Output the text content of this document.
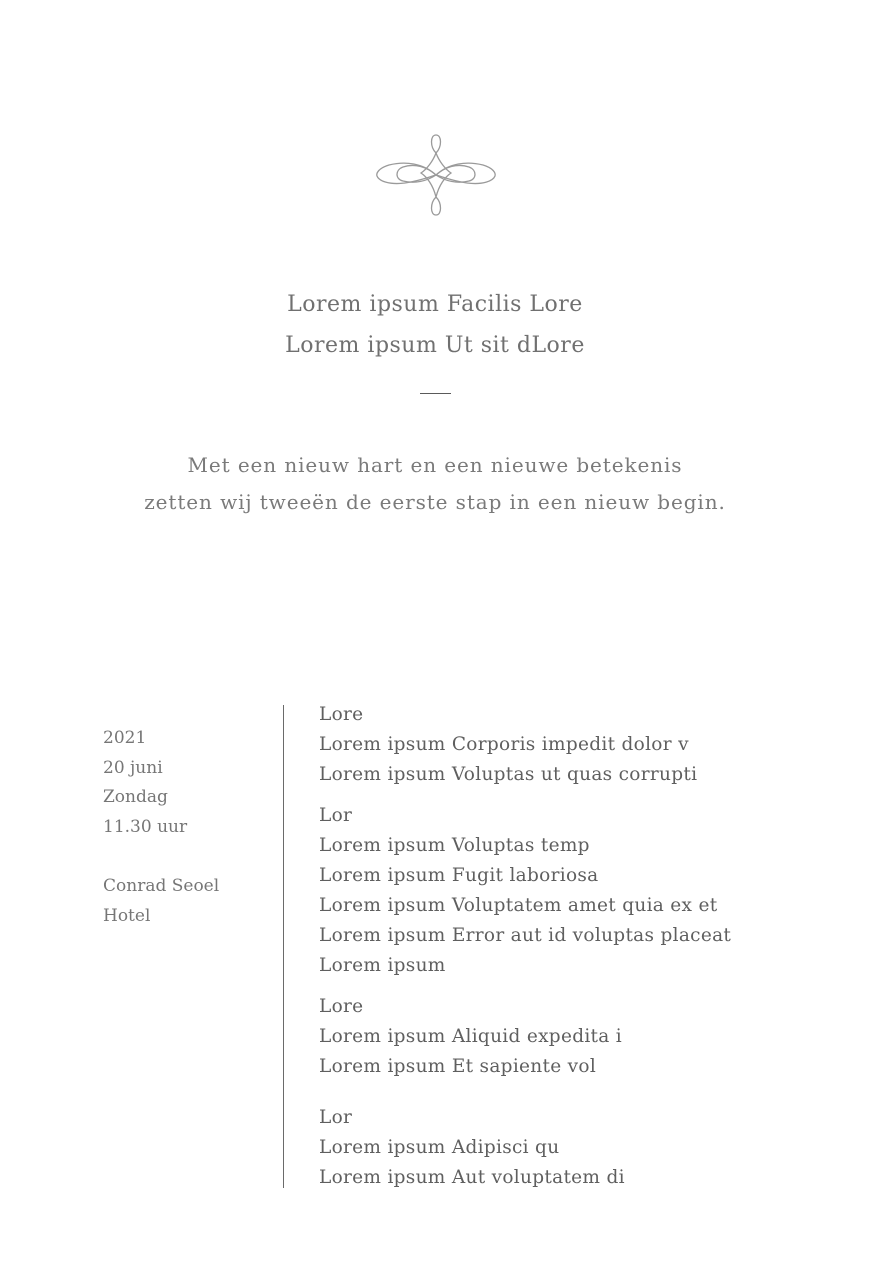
Lorem ipsum Facilis Lore
Lorem ipsum Ut sit dLore
Met een nieuw hart en een nieuwe betekenis
zetten wij tweeën de eerste stap in een nieuw begin.
2021
20 juni
Zondag
11.30 uur
Conrad Seoel
Hotel
Lore
Lorem ipsum Corporis impedit dolor v
Lorem ipsum Voluptas ut quas corrupti
Lor
Lorem ipsum Voluptas temp
Lorem ipsum Fugit laboriosa
Lorem ipsum Voluptatem amet quia ex et
Lorem ipsum Error aut id voluptas placeat
Lorem ipsum
Lore
Lorem ipsum Aliquid expedita i
Lorem ipsum Et sapiente vol
Lor
Lorem ipsum Adipisci qu
Lorem ipsum Aut voluptatem di
